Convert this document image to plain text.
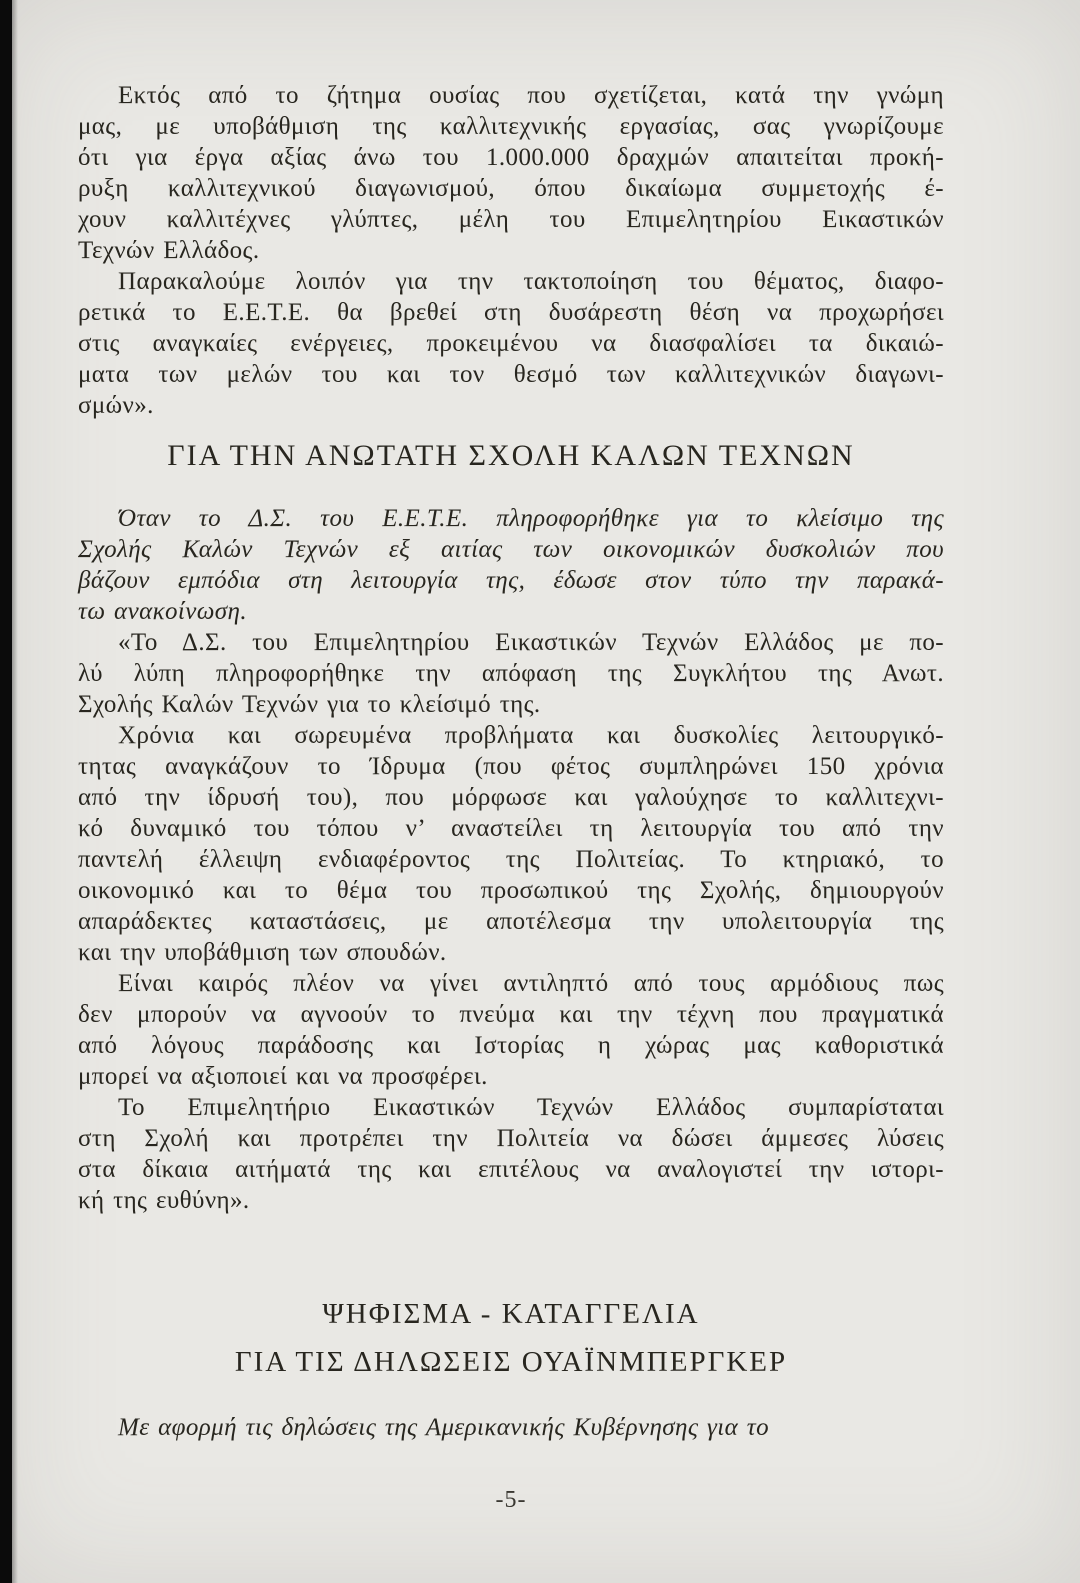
Εκτός από το ζήτημα ουσίας που σχετίζεται, κατά την γνώμη
μας, με υποβάθμιση της καλλιτεχνικής εργασίας, σας γνωρίζουμε
ότι για έργα αξίας άνω του 1.000.000 δραχμών απαιτείται προκή-
ρυξη καλλιτεχνικού διαγωνισμού, όπου δικαίωμα συμμετοχής έ-
χουν καλλιτέχνες γλύπτες, μέλη του Επιμελητηρίου Εικαστικών
Τεχνών Ελλάδος.
Παρακαλούμε λοιπόν για την τακτοποίηση του θέματος, διαφο-
ρετικά το Ε.Ε.Τ.Ε. θα βρεθεί στη δυσάρεστη θέση να προχωρήσει
στις αναγκαίες ενέργειες, προκειμένου να διασφαλίσει τα δικαιώ-
ματα των μελών του και τον θεσμό των καλλιτεχνικών διαγωνι-
σμών».
ΓΙΑ ΤΗΝ ΑΝΩΤΑΤΗ ΣΧΟΛΗ ΚΑΛΩΝ ΤΕΧΝΩΝ
Όταν το Δ.Σ. του Ε.Ε.Τ.Ε. πληροφορήθηκε για το κλείσιμο της
Σχολής Καλών Τεχνών εξ αιτίας των οικονομικών δυσκολιών που
βάζουν εμπόδια στη λειτουργία της, έδωσε στον τύπο την παρακά-
τω ανακοίνωση.
«Το Δ.Σ. του Επιμελητηρίου Εικαστικών Τεχνών Ελλάδος με πο-
λύ λύπη πληροφορήθηκε την απόφαση της Συγκλήτου της Ανωτ.
Σχολής Καλών Τεχνών για το κλείσιμό της.
Χρόνια και σωρευμένα προβλήματα και δυσκολίες λειτουργικό-
τητας αναγκάζουν το Ίδρυμα (που φέτος συμπληρώνει 150 χρόνια
από την ίδρυσή του), που μόρφωσε και γαλούχησε το καλλιτεχνι-
κό δυναμικό του τόπου ν’ αναστείλει τη λειτουργία του από την
παντελή έλλειψη ενδιαφέροντος της Πολιτείας. Το κτηριακό, το
οικονομικό και το θέμα του προσωπικού της Σχολής, δημιουργούν
απαράδεκτες καταστάσεις, με αποτέλεσμα την υπολειτουργία της
και την υποβάθμιση των σπουδών.
Είναι καιρός πλέον να γίνει αντιληπτό από τους αρμόδιους πως
δεν μπορούν να αγνοούν το πνεύμα και την τέχνη που πραγματικά
από λόγους παράδοσης και Ιστορίας η χώρας μας καθοριστικά
μπορεί να αξιοποιεί και να προσφέρει.
Το Επιμελητήριο Εικαστικών Τεχνών Ελλάδος συμπαρίσταται
στη Σχολή και προτρέπει την Πολιτεία να δώσει άμμεσες λύσεις
στα δίκαια αιτήματά της και επιτέλους να αναλογιστεί την ιστορι-
κή της ευθύνη».
ΨΗΦΙΣΜΑ - ΚΑΤΑΓΓΕΛΙΑ
ΓΙΑ ΤΙΣ ΔΗΛΩΣΕΙΣ ΟΥΑΪΝΜΠΕΡΓΚΕΡ
Με αφορμή τις δηλώσεις της Αμερικανικής Κυβέρνησης για το
-5-
